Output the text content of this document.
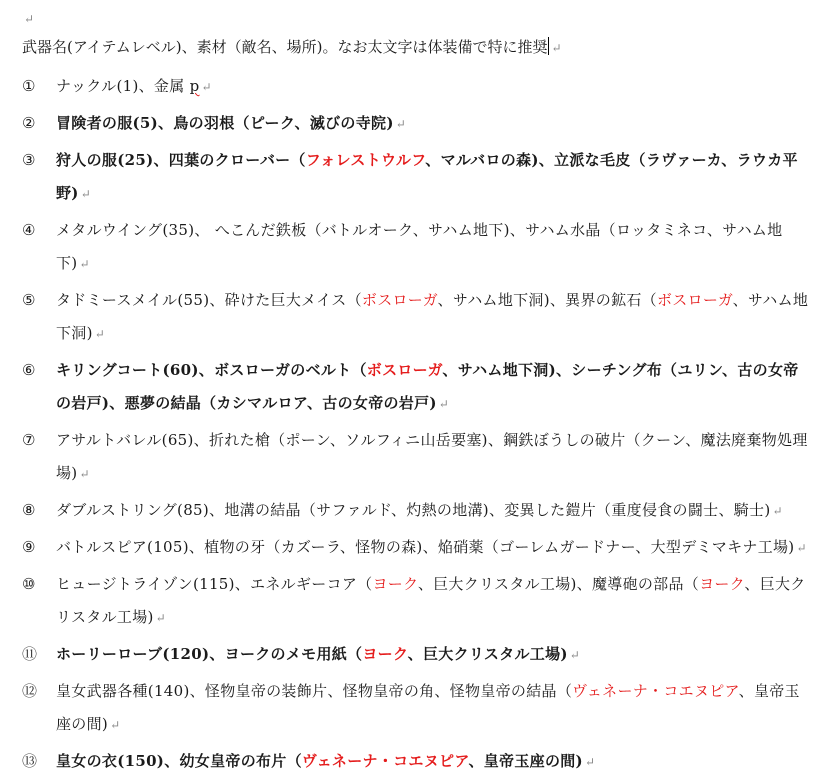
↵
武器名(アイテムレベル)、素材（敵名、場所)。なお太文字は体装備で特に推奨 ↵
①	ナックル(1)、金属 p ↵
②	冒険者の服(5)、鳥の羽根（ピーク、滅びの寺院) ↵
③	狩人の服(25)、四葉のクローバー（フォレストウルフ、マルバロの森)、立派な毛皮（ラヴァーカ、ラウカ平野) ↵
④	メタルウイング(35)、 へこんだ鉄板（バトルオーク、サハム地下)、サハム水晶（ロッタミネコ、サハム地下) ↵
⑤	タドミースメイル(55)、砕けた巨大メイス（ボスローガ、サハム地下洞)、異界の鉱石（ボスローガ、サハム地下洞) ↵
⑥	キリングコート(60)、ボスローガのベルト（ボスローガ、サハム地下洞)、シーチング布（ユリン、古の女帝の岩戸)、悪夢の結晶（カシマルロア、古の女帝の岩戸) ↵
⑦	アサルトバレル(65)、折れた槍（ポーン、ソルフィニ山岳要塞)、鋼鉄ぼうしの破片（クーン、魔法廃棄物処理場) ↵
⑧	ダブルストリング(85)、地溝の結晶（サファルド、灼熱の地溝)、変異した鎧片（重度侵食の闘士、騎士) ↵
⑨	バトルスピア(105)、植物の牙（カズーラ、怪物の森)、焔硝薬（ゴーレムガードナー、大型デミマキナ工場) ↵
⑩	ヒュージトライゾン(115)、エネルギーコア（ヨーク、巨大クリスタル工場)、魔導砲の部品（ヨーク、巨大クリスタル工場) ↵
⑪	ホーリーローブ(120)、ヨークのメモ用紙（ヨーク、巨大クリスタル工場) ↵
⑫	皇女武器各種(140)、怪物皇帝の装飾片、怪物皇帝の角、怪物皇帝の結晶（ヴェネーナ・コエヌピア、皇帝玉座の間) ↵
⑬	皇女の衣(150)、幼女皇帝の布片（ヴェネーナ・コエヌピア、皇帝玉座の間) ↵
